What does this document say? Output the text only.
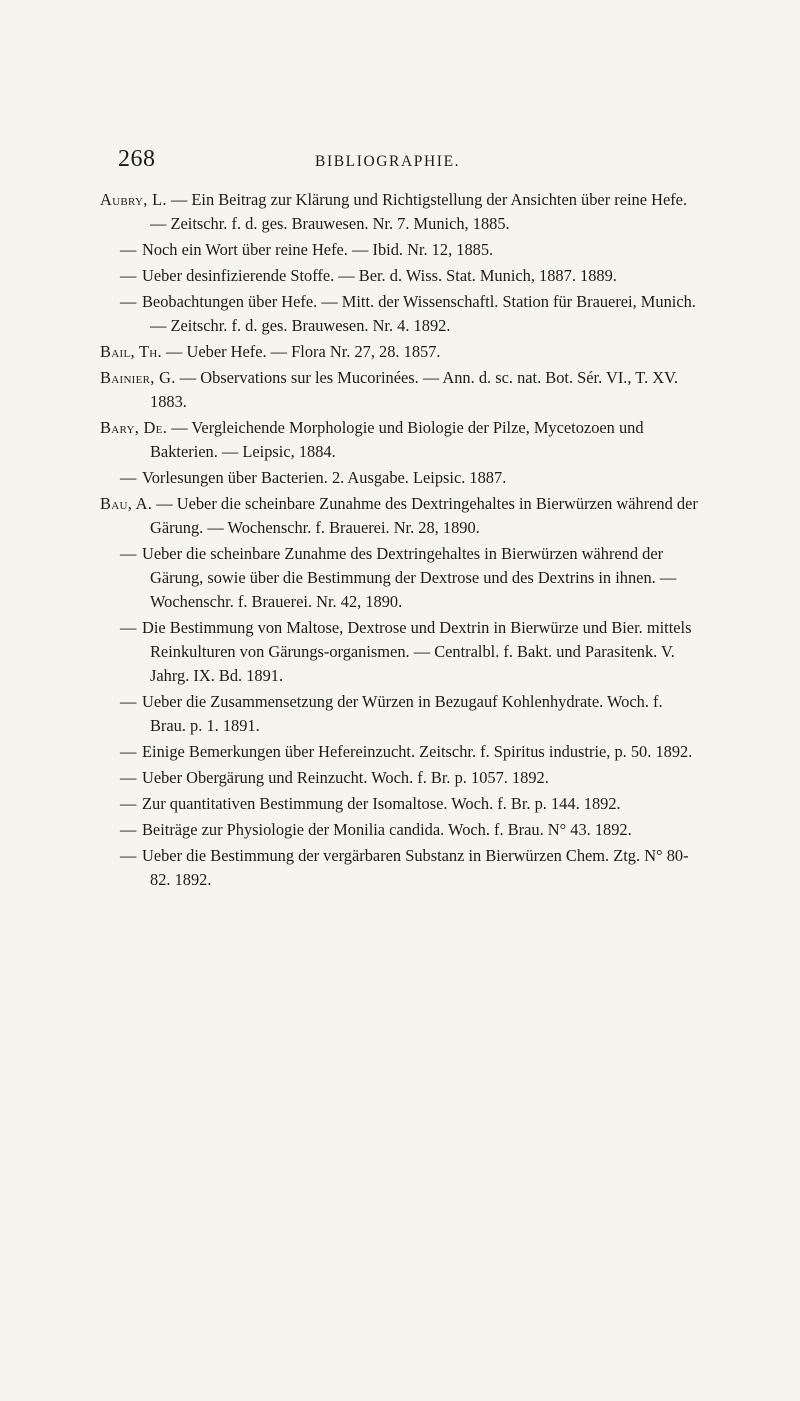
268	BIBLIOGRAPHIE.
Aubry, L. — Ein Beitrag zur Klärung und Richtigstellung der Ansichten über reine Hefe. — Zeitschr. f. d. ges. Brauwesen. Nr. 7. Munich, 1885.
— Noch ein Wort über reine Hefe. — Ibid. Nr. 12, 1885.
— Ueber desinfizierende Stoffe. — Ber. d. Wiss. Stat. Munich, 1887. 1889.
— Beobachtungen über Hefe. — Mitt. der Wissenschaftl. Station für Brauerei, Munich. — Zeitschr. f. d. ges. Brauwesen. Nr. 4. 1892.
Bail, Th. — Ueber Hefe. — Flora Nr. 27, 28. 1857.
Bainier, G. — Observations sur les Mucorinées. — Ann. d. sc. nat. Bot. Sér. VI., T. XV. 1883.
Bary, De. — Vergleichende Morphologie und Biologie der Pilze, Mycetozoen und Bakterien. — Leipsic, 1884.
— Vorlesungen über Bacterien. 2. Ausgabe. Leipsic. 1887.
Bau, A. — Ueber die scheinbare Zunahme des Dextringehaltes in Bierwürzen während der Gärung. — Wochenschr. f. Brauerei. Nr. 28, 1890.
— Ueber die scheinbare Zunahme des Dextringehaltes in Bierwürzen während der Gärung, sowie über die Bestimmung der Dextrose und des Dextrins in ihnen. — Wochenschr. f. Brauerei. Nr. 42, 1890.
— Die Bestimmung von Maltose, Dextrose und Dextrin in Bierwürze und Bier. mittels Reinkulturen von Gärungs-organismen. — Centralbl. f. Bakt. und Parasitenk. V. Jahrg. IX. Bd. 1891.
— Ueber die Zusammensetzung der Würzen in Bezugauf Kohlenhydrate. Woch. f. Brau. p. 1. 1891.
— Einige Bemerkungen über Hefereinzucht. Zeitschr. f. Spiritus industrie, p. 50. 1892.
— Ueber Obergärung und Reinzucht. Woch. f. Br. p. 1057. 1892.
— Zur quantitativen Bestimmung der Isomaltose. Woch. f. Br. p. 144. 1892.
— Beiträge zur Physiologie der Monilia candida. Woch. f. Brau. N° 43. 1892.
— Ueber die Bestimmung der vergärbaren Substanz in Bierwürzen Chem. Ztg. N° 80-82. 1892.
